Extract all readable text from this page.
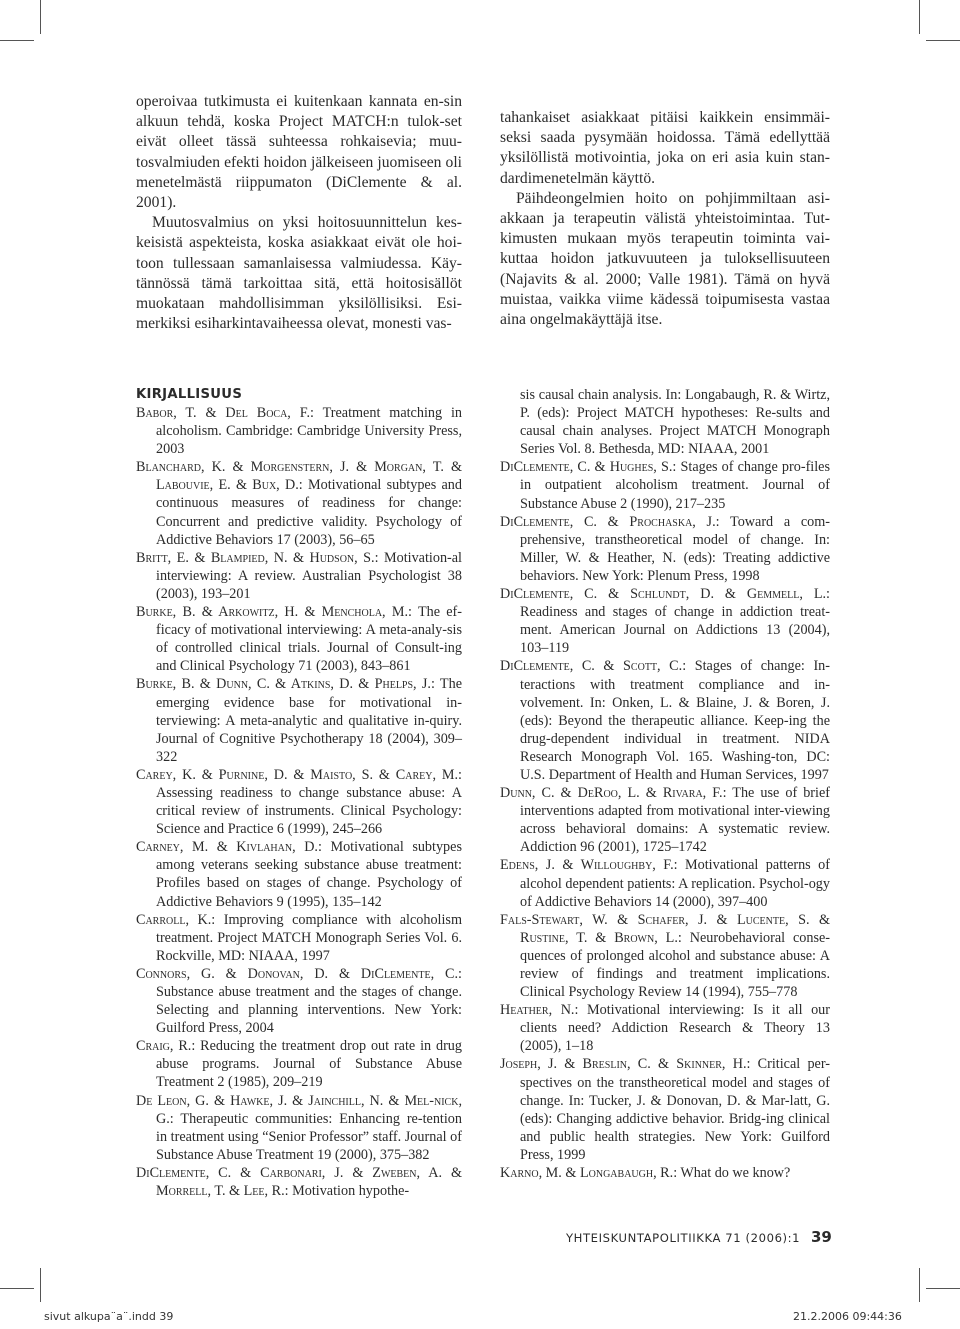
operoivaa tutkimusta ei kuitenkaan kannata en-sin alkuun tehdä, koska Project MATCH:n tulok-set eivät olleet tässä suhteessa rohkaisevia; muu-tosvalmiuden efekti hoidon jälkeiseen juomiseen oli menetelmästä riippumaton (DiClemente & al. 2001).

Muutosvalmius on yksi hoitosuunnittelun kes-keisistä aspekteista, koska asiakkaat eivät ole hoi-toon tullessaan samanlaisessa valmiudessa. Käy-tännössä tämä tarkoittaa sitä, että hoitosisällöt muokataan mahdollisimman yksilöllisiksi. Esi-merkiksi esiharkintavaiheessa olevat, monesti vas-

tahankaiset asiakkaat pitäisi kaikkein ensimmäi-seksi saada pysymään hoidossa. Tämä edellyttää yksilöllistä motivointia, joka on eri asia kuin stan-dardimenetelmän käyttö.

Päihdeongelmien hoito on pohjimmiltaan asi-akkaan ja terapeutin välistä yhteistoimintaa. Tut-kimusten mukaan myös terapeutin toiminta vai-kuttaa hoidon jatkuvuuteen ja tuloksellisuuteen (Najavits & al. 2000; Valle 1981). Tämä on hyvä muistaa, vaikka viime kädessä toipumisesta vastaa aina ongelmakäyttäjä itse.

KIRJALLISUUS

Babor, T. & Del Boca, F.: Treatment matching in alcoholism. Cambridge: Cambridge University Press, 2003

Blanchard, K. & Morgenstern, J. & Morgan, T. & Labouvie, E. & Bux, D.: Motivational subtypes and continuous measures of readiness for change: Concurrent and predictive validity. Psychology of Addictive Behaviors 17 (2003), 56–65

Britt, E. & Blampied, N. & Hudson, S.: Motivation-al interviewing: A review. Australian Psychologist 38 (2003), 193–201

Burke, B. & Arkowitz, H. & Menchola, M.: The ef-ficacy of motivational interviewing: A meta-analy-sis of controlled clinical trials. Journal of Consult-ing and Clinical Psychology 71 (2003), 843–861

Burke, B. & Dunn, C. & Atkins, D. & Phelps, J.: The emerging evidence base for motivational in-terviewing: A meta-analytic and qualitative in-quiry. Journal of Cognitive Psychotherapy 18 (2004), 309–322

Carey, K. & Purnine, D. & Maisto, S. & Carey, M.: Assessing readiness to change substance abuse: A critical review of instruments. Clinical Psychology: Science and Practice 6 (1999), 245–266

Carney, M. & Kivlahan, D.: Motivational subtypes among veterans seeking substance abuse treatment: Profiles based on stages of change. Psychology of Addictive Behaviors 9 (1995), 135–142

Carroll, K.: Improving compliance with alcoholism treatment. Project MATCH Monograph Series Vol. 6. Rockville, MD: NIAAA, 1997

Connors, G. & Donovan, D. & DiClemente, C.: Substance abuse treatment and the stages of change. Selecting and planning interventions. New York: Guilford Press, 2004

Craig, R.: Reducing the treatment drop out rate in drug abuse programs. Journal of Substance Abuse Treatment 2 (1985), 209–219

De Leon, G. & Hawke, J. & Jainchill, N. & Mel-nick, G.: Therapeutic communities: Enhancing re-tention in treatment using “Senior Professor” staff. Journal of Substance Abuse Treatment 19 (2000), 375–382

DiClemente, C. & Carbonari, J. & Zweben, A. & Morrell, T. & Lee, R.: Motivation hypothe-

sis causal chain analysis. In: Longabaugh, R. & Wirtz, P. (eds): Project MATCH hypotheses: Re-sults and causal chain analyses. Project MATCH Monograph Series Vol. 8. Bethesda, MD: NIAAA, 2001

DiClemente, C. & Hughes, S.: Stages of change pro-files in outpatient alcoholism treatment. Journal of Substance Abuse 2 (1990), 217–235

DiClemente, C. & Prochaska, J.: Toward a com-prehensive, transtheoretical model of change. In: Miller, W. & Heather, N. (eds): Treating addictive behaviors. New York: Plenum Press, 1998

DiClemente, C. & Schlundt, D. & Gemmell, L.: Readiness and stages of change in addiction treat-ment. American Journal on Addictions 13 (2004), 103–119

DiClemente, C. & Scott, C.: Stages of change: In-teractions with treatment compliance and in-volvement. In: Onken, L. & Blaine, J. & Boren, J. (eds): Beyond the therapeutic alliance. Keep-ing the drug-dependent individual in treatment. NIDA Research Monograph Vol. 165. Washing-ton, DC: U.S. Department of Health and Human Services, 1997

Dunn, C. & DeRoo, L. & Rivara, F.: The use of brief interventions adapted from motivational inter-viewing across behavioral domains: A systematic review. Addiction 96 (2001), 1725–1742

Edens, J. & Willoughby, F.: Motivational patterns of alcohol dependent patients: A replication. Psychol-ogy of Addictive Behaviors 14 (2000), 397–400

Fals-Stewart, W. & Schafer, J. & Lucente, S. & Rustine, T. & Brown, L.: Neurobehavioral conse-quences of prolonged alcohol and substance abuse: A review of findings and treatment implications. Clinical Psychology Review 14 (1994), 755–778

Heather, N.: Motivational interviewing: Is it all our clients need? Addiction Research & Theory 13 (2005), 1–18

Joseph, J. & Breslin, C. & Skinner, H.: Critical per-spectives on the transtheoretical model and stages of change. In: Tucker, J. & Donovan, D. & Mar-latt, G. (eds): Changing addictive behavior. Bridg-ing clinical and public health strategies. New York: Guilford Press, 1999

Karno, M. & Longabaugh, R.: What do we know?

YHTEISKUNTAPOLITIIKKA 71 (2006):1 39
sivut alkupa¨a¨.indd 39	21.2.2006 09:44:36
